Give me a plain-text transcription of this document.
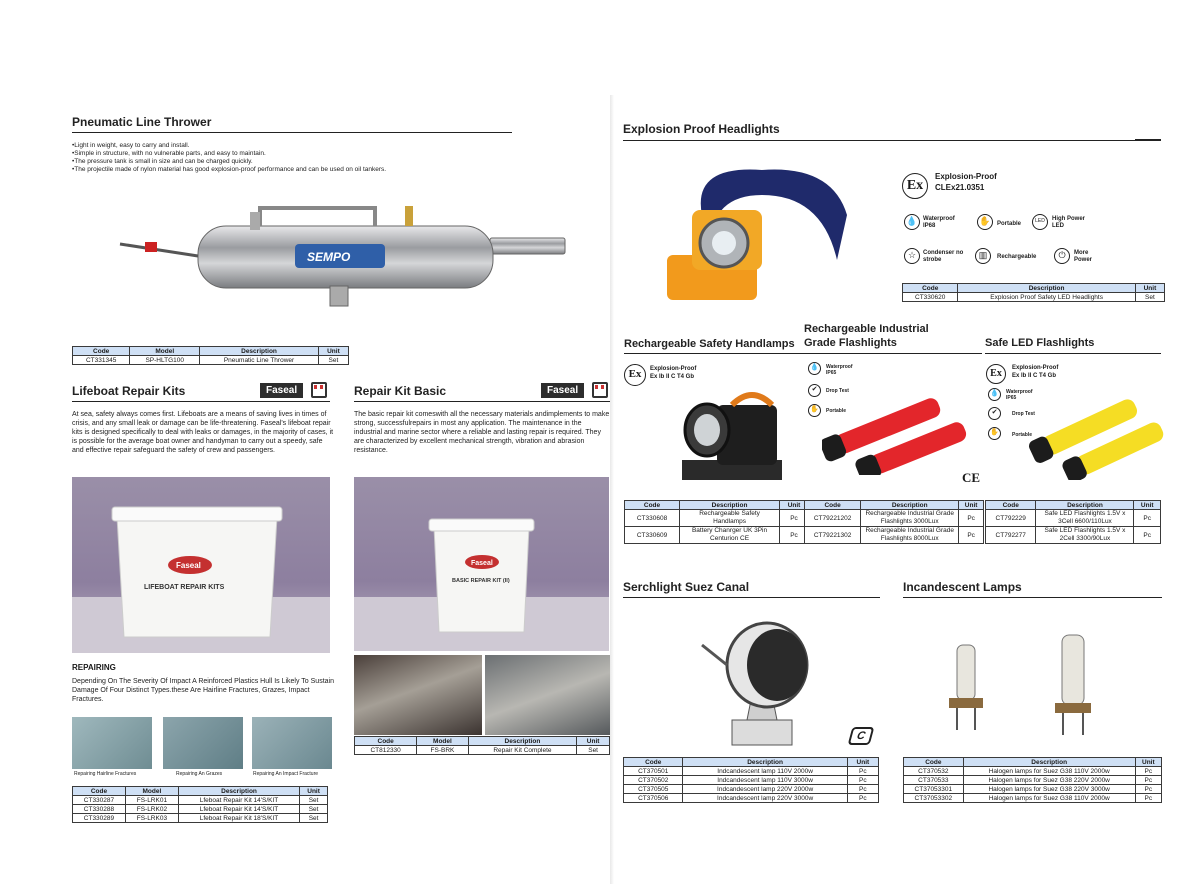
Pneumatic Line Thrower
• Light in weight, easy to carry and install.
• Simple in structure, with no vulnerable parts, and easy to maintain.
• The pressure tank is small in size and can be charged quickly.
• The projectile made of nylon material has good explosion-proof performance and can be used on oil tankers.
SEMPO
Code	Model	Description	Unit
CT331345	SP-HLTG100	Pneumatic Line Thrower	Set
Lifeboat Repair Kits	Faseal

At sea, safety always comes first. Lifeboats are a means of saving lives in times of crisis, and any small leak or damage can be life-threatening. Faseal's lifeboat repair kits is designed specifically to deal with leaks or damages, in the majority of cases, it is possible for the average boat owner and handyman to carry out a speedy, safe and effective repair safeguard the safety of crew and passengers.

Faseal
LIFEBOAT REPAIR KITS
REPAIRING

Depending On The Severity Of Impact A Reinforced Plastics Hull Is Likely To Sustain Damage Of Four Distinct Types.these Are Hairline Fractures, Grazes, Impact Fractures.

Repairing Hairline Fractures	Repairing An Grazes	Repairing An Impact Fracture
Code	Model	Description	Unit
CT330287	FS-LRK01	Lfeboat Repair Kit 14'S/KIT	Set
CT330288	FS-LRK02	Lfeboat Repair Kit 14'S/KIT	Set
CT330289	FS-LRK03	Lfeboat Repair Kit 18'S/KIT	Set
Repair Kit Basic	Faseal

The basic repair kit comeswith all the necessary materials andimplements to make strong, successfulrepairs in most any application. The maintenance in the industrial and marine sector where a reliable and lasting repair is required. They are characterized by excellent mechanical strength, vibration and abrasion resistance.

Faseal
BASIC REPAIR KIT (II)
Code	Model	Description	Unit
CT812330	FS-BRK	Repair Kit Complete	Set
Explosion Proof Headlights
Ex
Explosion-Proof
CLEx21.0351
💧 Waterproof IP68	✋	Portable	LED	High Power LED
☆	Condenser no strobe	▥	Rechargeable	⏻	More Power
Code	Description	Unit
CT330620	Explosion Proof Safety LED Headlights	Set
Rechargeable Safety Handlamps
Ex	Explosion-Proof
Ex Ib II C T4 Gb
Code	Description	Unit
CT330608	Rechargeable Safety Handlamps	Pc
CT330609	Battery Chanrger UK 3Pin Centurion CE	Pc
Rechargeable Industrial
Grade Flashlights
💧	Waterproof IP65
✔	Drop Test
✋	Portable
CE
Code	Description	Unit
CT79221202	Rechargeable Industrial Grade Flashlights 3000Lux	Pc
CT79221302	Rechargeable Industrial Grade Flashlights 8000Lux	Pc
Safe LED Flashlights
Ex	Explosion-Proof
Ex Ib II C T4 Gb
💧	Waterproof IP65
✔	Drop Test
✋	Portable
Code	Description	Unit
CT792229	Safe LED Flashlights 1.5V x 3Cell 6600/110Lux	Pc
CT792277	Safe LED Flashlights 1.5V x 2Cell 3300/90Lux	Pc
Serchlight Suez Canal
C
Code	Description	Unit
CT370501	Indcandescent lamp 110V 2000w	Pc
CT370502	Indcandescent lamp 110V 3000w	Pc
CT370505	Indcandescent lamp 220V 2000w	Pc
CT370506	Indcandescent lamp 220V 3000w	Pc
Incandescent Lamps
Code	Description	Unit
CT370532	Halogen lamps for Suez G38 110V 2000w	Pc
CT370533	Halogen lamps for Suez G38 220V 2000w	Pc
CT37053301	Halogen lamps for Suez G38 220V 3000w	Pc
CT37053302	Halogen lamps for Suez G38 110V 2000w	Pc
